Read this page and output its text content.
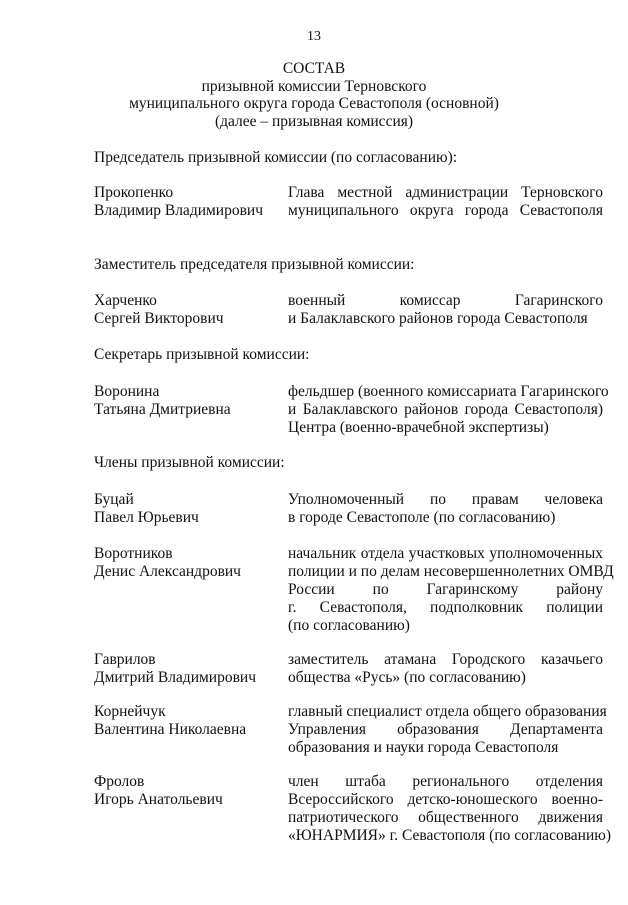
13
СОСТАВ
призывной комиссии Терновского
муниципального округа города Севастополя (основной)
(далее – призывная комиссия)
Председатель призывной комиссии (по согласованию):
Прокопенко
Владимир Владимирович
Глава местной администрации Терновского
муниципального округа города Севастополя
Заместитель председателя призывной комиссии:
Харченко
Сергей Викторович
военный комиссар Гагаринского
и Балаклавского районов города Севастополя
Секретарь призывной комиссии:
Воронина
Татьяна Дмитриевна
фельдшер (военного комиссариата Гагаринского
и Балаклавского районов города Севастополя)
Центра (военно-врачебной экспертизы)
Члены призывной комиссии:
Буцай
Павел Юрьевич
Уполномоченный по правам человека
в городе Севастополе (по согласованию)
Воротников
Денис Александрович
начальник отдела участковых уполномоченных
полиции и по делам несовершеннолетних ОМВД
России по Гагаринскому району
г. Севастополя, подполковник полиции
(по согласованию)
Гаврилов
Дмитрий Владимирович
заместитель атамана Городского казачьего
общества «Русь» (по согласованию)
Корнейчук
Валентина Николаевна
главный специалист отдела общего образования
Управления образования Департамента
образования и науки города Севастополя
Фролов
Игорь Анатольевич
член штаба регионального отделения
Всероссийского детско-юношеского военно-
патриотического общественного движения
«ЮНАРМИЯ» г. Севастополя (по согласованию)
